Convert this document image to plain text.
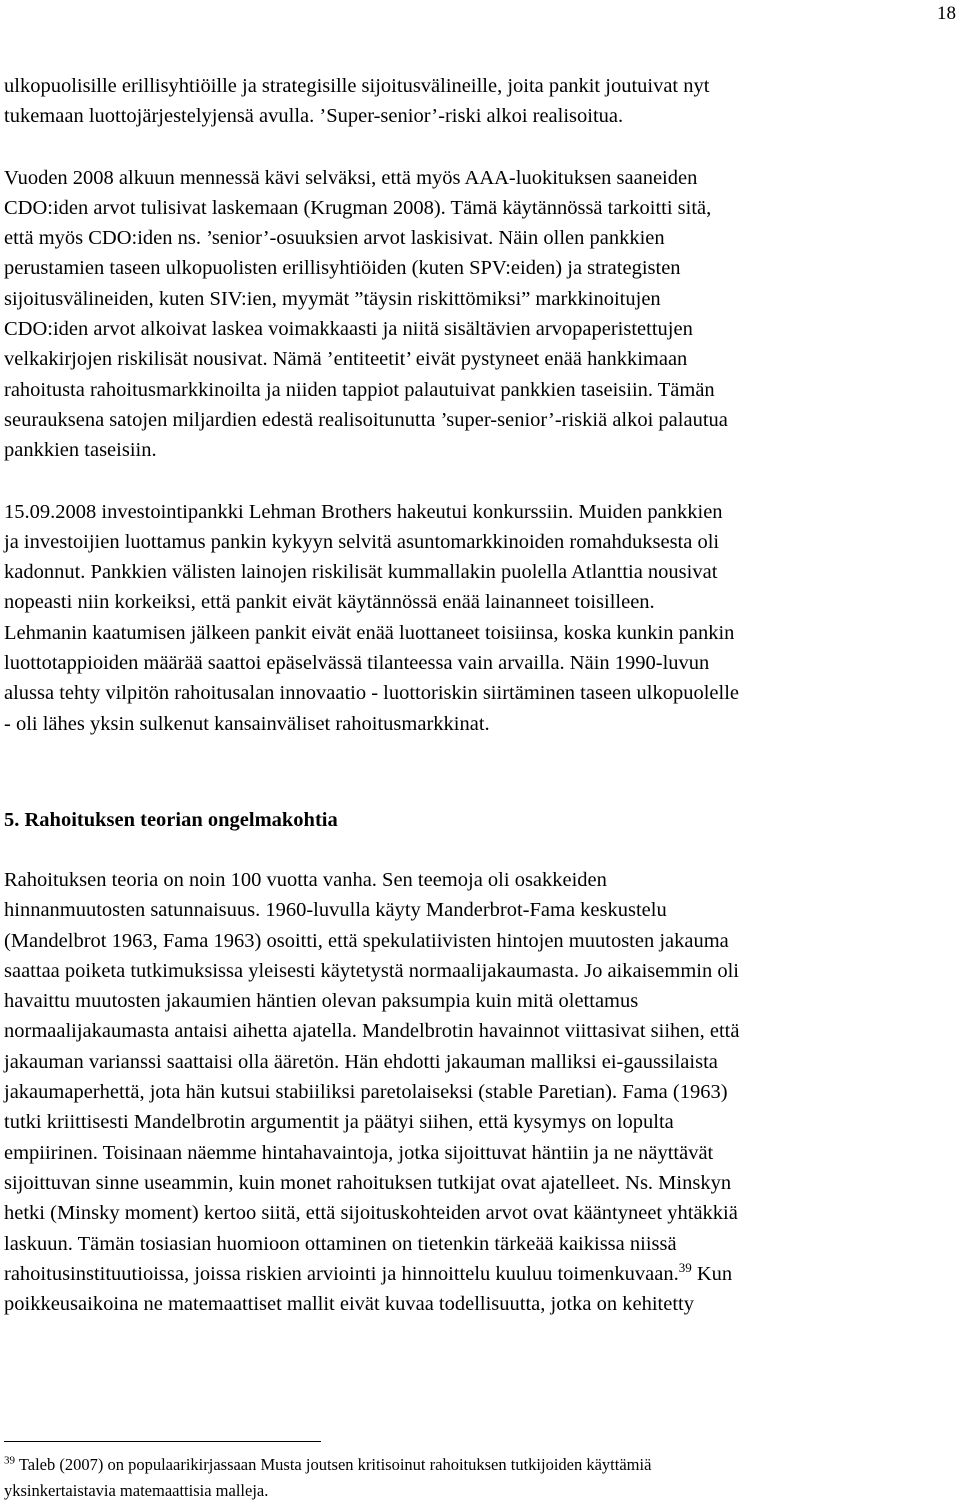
18

ulkopuolisille erillisyhtiöille ja strategisille sijoitusvälineille, joita pankit joutuivat nyt
tukemaan luottojärjestelyjensä avulla. ’Super-senior’-riski alkoi realisoitua.

Vuoden 2008 alkuun mennessä kävi selväksi, että myös AAA-luokituksen saaneiden
CDO:iden arvot tulisivat laskemaan (Krugman 2008). Tämä käytännössä tarkoitti sitä,
että myös CDO:iden ns. ’senior’-osuuksien arvot laskisivat. Näin ollen pankkien
perustamien taseen ulkopuolisten erillisyhtiöiden (kuten SPV:eiden) ja strategisten
sijoitusvälineiden, kuten SIV:ien, myymät ”täysin riskittömiksi” markkinoitujen
CDO:iden arvot alkoivat laskea voimakkaasti ja niitä sisältävien arvopaperistettujen
velkakirjojen riskilisät nousivat. Nämä ’entiteetit’ eivät pystyneet enää hankkimaan
rahoitusta rahoitusmarkkinoilta ja niiden tappiot palautuivat pankkien taseisiin. Tämän
seurauksena satojen miljardien edestä realisoitunutta ’super-senior’-riskiä alkoi palautua
pankkien taseisiin.

15.09.2008 investointipankki Lehman Brothers hakeutui konkurssiin. Muiden pankkien
ja investoijien luottamus pankin kykyyn selvitä asuntomarkkinoiden romahduksesta oli
kadonnut. Pankkien välisten lainojen riskilisät kummallakin puolella Atlanttia nousivat
nopeasti niin korkeiksi, että pankit eivät käytännössä enää lainanneet toisilleen.
Lehmanin kaatumisen jälkeen pankit eivät enää luottaneet toisiinsa, koska kunkin pankin
luottotappioiden määrää saattoi epäselvässä tilanteessa vain arvailla. Näin 1990-luvun
alussa tehty vilpitön rahoitusalan innovaatio - luottoriskin siirtäminen taseen ulkopuolelle
- oli lähes yksin sulkenut kansainväliset rahoitusmarkkinat.

5. Rahoituksen teorian ongelmakohtia

Rahoituksen teoria on noin 100 vuotta vanha. Sen teemoja oli osakkeiden
hinnanmuutosten satunnaisuus. 1960-luvulla käyty Manderbrot-Fama keskustelu
(Mandelbrot 1963, Fama 1963) osoitti, että spekulatiivisten hintojen muutosten jakauma
saattaa poiketa tutkimuksissa yleisesti käytetystä normaalijakaumasta. Jo aikaisemmin oli
havaittu muutosten jakaumien häntien olevan paksumpia kuin mitä olettamus
normaalijakaumasta antaisi aihetta ajatella. Mandelbrotin havainnot viittasivat siihen, että
jakauman varianssi saattaisi olla ääretön. Hän ehdotti jakauman malliksi ei-gaussilaista
jakaumaperhettä, jota hän kutsui stabiiliksi paretolaiseksi (stable Paretian). Fama (1963)
tutki kriittisesti Mandelbrotin argumentit ja päätyi siihen, että kysymys on lopulta
empiirinen. Toisinaan näemme hintahavaintoja, jotka sijoittuvat häntiin ja ne näyttävät
sijoittuvan sinne useammin, kuin monet rahoituksen tutkijat ovat ajatelleet. Ns. Minskyn
hetki (Minsky moment) kertoo siitä, että sijoituskohteiden arvot ovat kääntyneet yhtäkkiä
laskuun. Tämän tosiasian huomioon ottaminen on tietenkin tärkeää kaikissa niissä
rahoitusinstituutioissa, joissa riskien arviointi ja hinnoittelu kuuluu toimenkuvaan.$^{39}$ Kun
poikkeusaikoina ne matemaattiset mallit eivät kuvaa todellisuutta, jotka on kehitetty

$^{39}$ Taleb (2007) on populaarikirjassaan Musta joutsen kritisoinut rahoituksen tutkijoiden käyttämiä
yksinkertaistavia matemaattisia malleja.
